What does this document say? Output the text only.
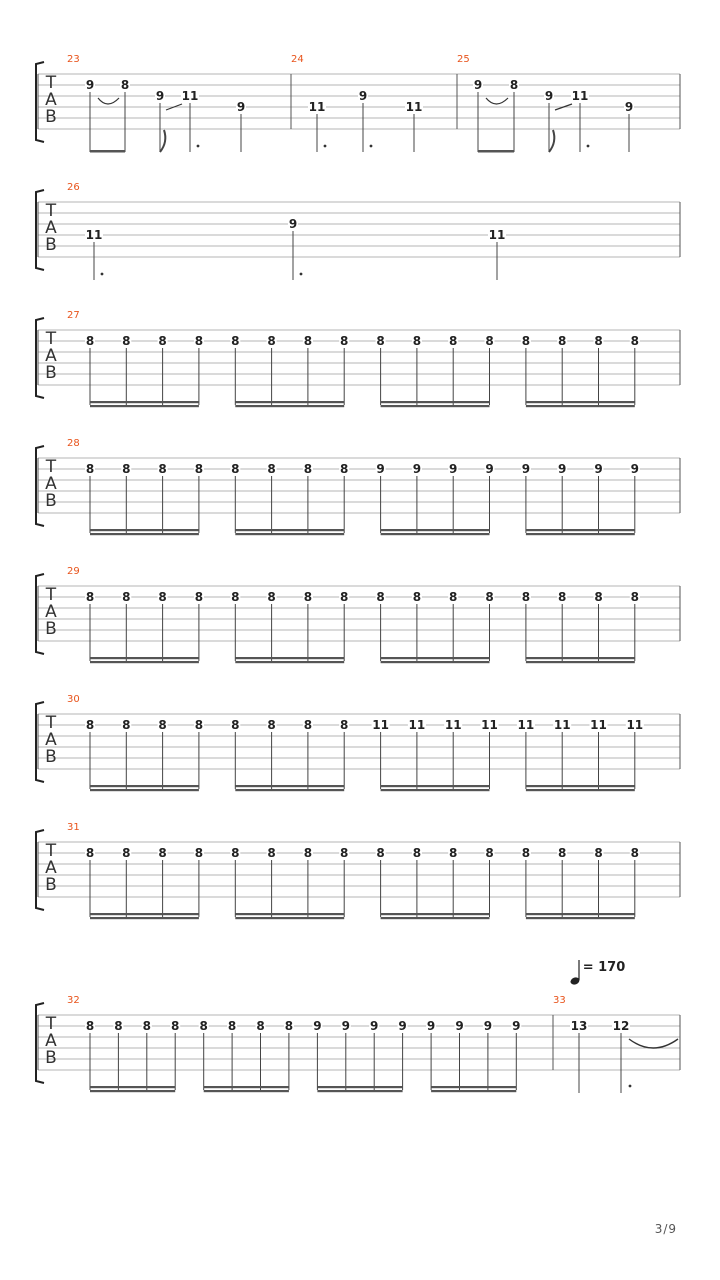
T
A
B
23
9 8
9 11
9
24
11
9
11
25
9 8
9 11
9
T
A
B
26
11
9
11
T
A
B
27
8 8 8 8 8 8 8 8 8 8 8 8 8 8 8 8
T
A
B
28
8 8 8 8 8 8 8 8 9 9 9 9 9 9 9 9
T
A
B
29
8 8 8 8 8 8 8 8 8 8 8 8 8 8 8 8
T
A
B
30
8 8 8 8 8 8 8 8 11 11 11 11 11 11 11 11
T
A
B
31
8 8 8 8 8 8 8 8 8 8 8 8 8 8 8 8
T
A
B
32	33
8 8 8 8 8 8 8 8 9 9 9 9 9 9 9 9	13 12
= 170
3/9
